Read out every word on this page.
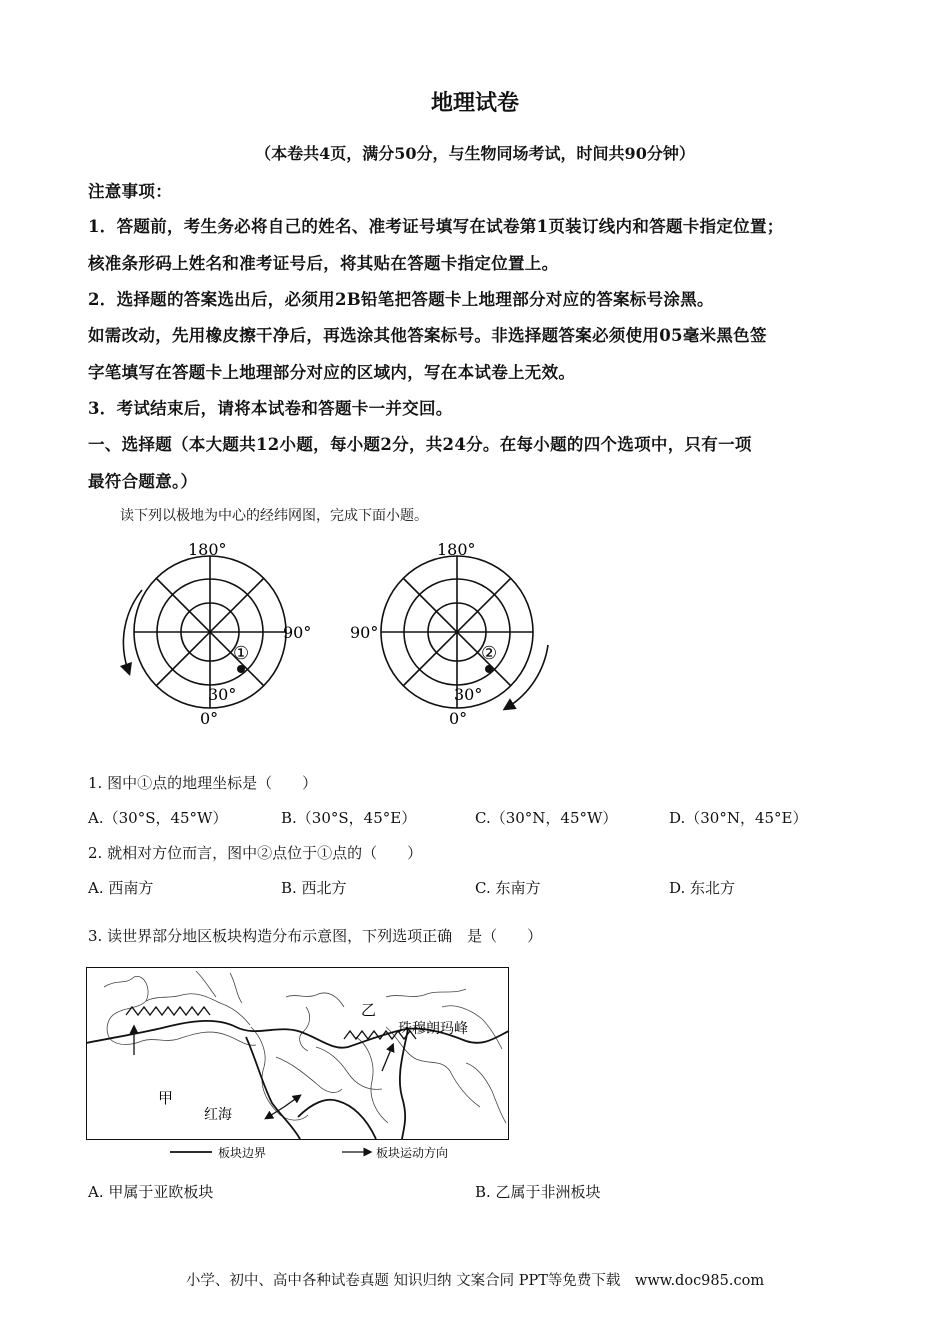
地理试卷
（本卷共4页，满分50分，与生物同场考试，时间共90分钟）
注意事项：
1．答题前，考生务必将自己的姓名、准考证号填写在试卷第1页装订线内和答题卡指定位置；
核准条形码上姓名和准考证号后，将其贴在答题卡指定位置上。
2．选择题的答案选出后，必须用2B铅笔把答题卡上地理部分对应的答案标号涂黑。
如需改动，先用橡皮擦干净后，再选涂其他答案标号。非选择题答案必须使用05毫米黑色签
字笔填写在答题卡上地理部分对应的区域内，写在本试卷上无效。
3．考试结束后，请将本试卷和答题卡一并交回。
一、选择题（本大题共12小题，每小题2分，共24分。在每小题的四个选项中，只有一项
最符合题意。）
读下列以极地为中心的经纬网图，完成下面小题。
180°
90°
30°
0°
①
180°
90°
30°
0°
②
1. 图中①点的地理坐标是（　　）
A.（30°S，45°W）	B.（30°S，45°E）	C.（30°N，45°W）	D.（30°N，45°E）
2. 就相对方位而言，图中②点位于①点的（　　）
A. 西南方	B. 西北方	C. 东南方	D. 东北方
3. 读世界部分地区板块构造分布示意图，下列选项正确　是（　　）
甲
乙
珠穆朗玛峰
红海
板块边界	板块运动方向
A. 甲属于亚欧板块	B. 乙属于非洲板块
小学、初中、高中各种试卷真题 知识归纳 文案合同 PPT等免费下载　www.doc985.com
